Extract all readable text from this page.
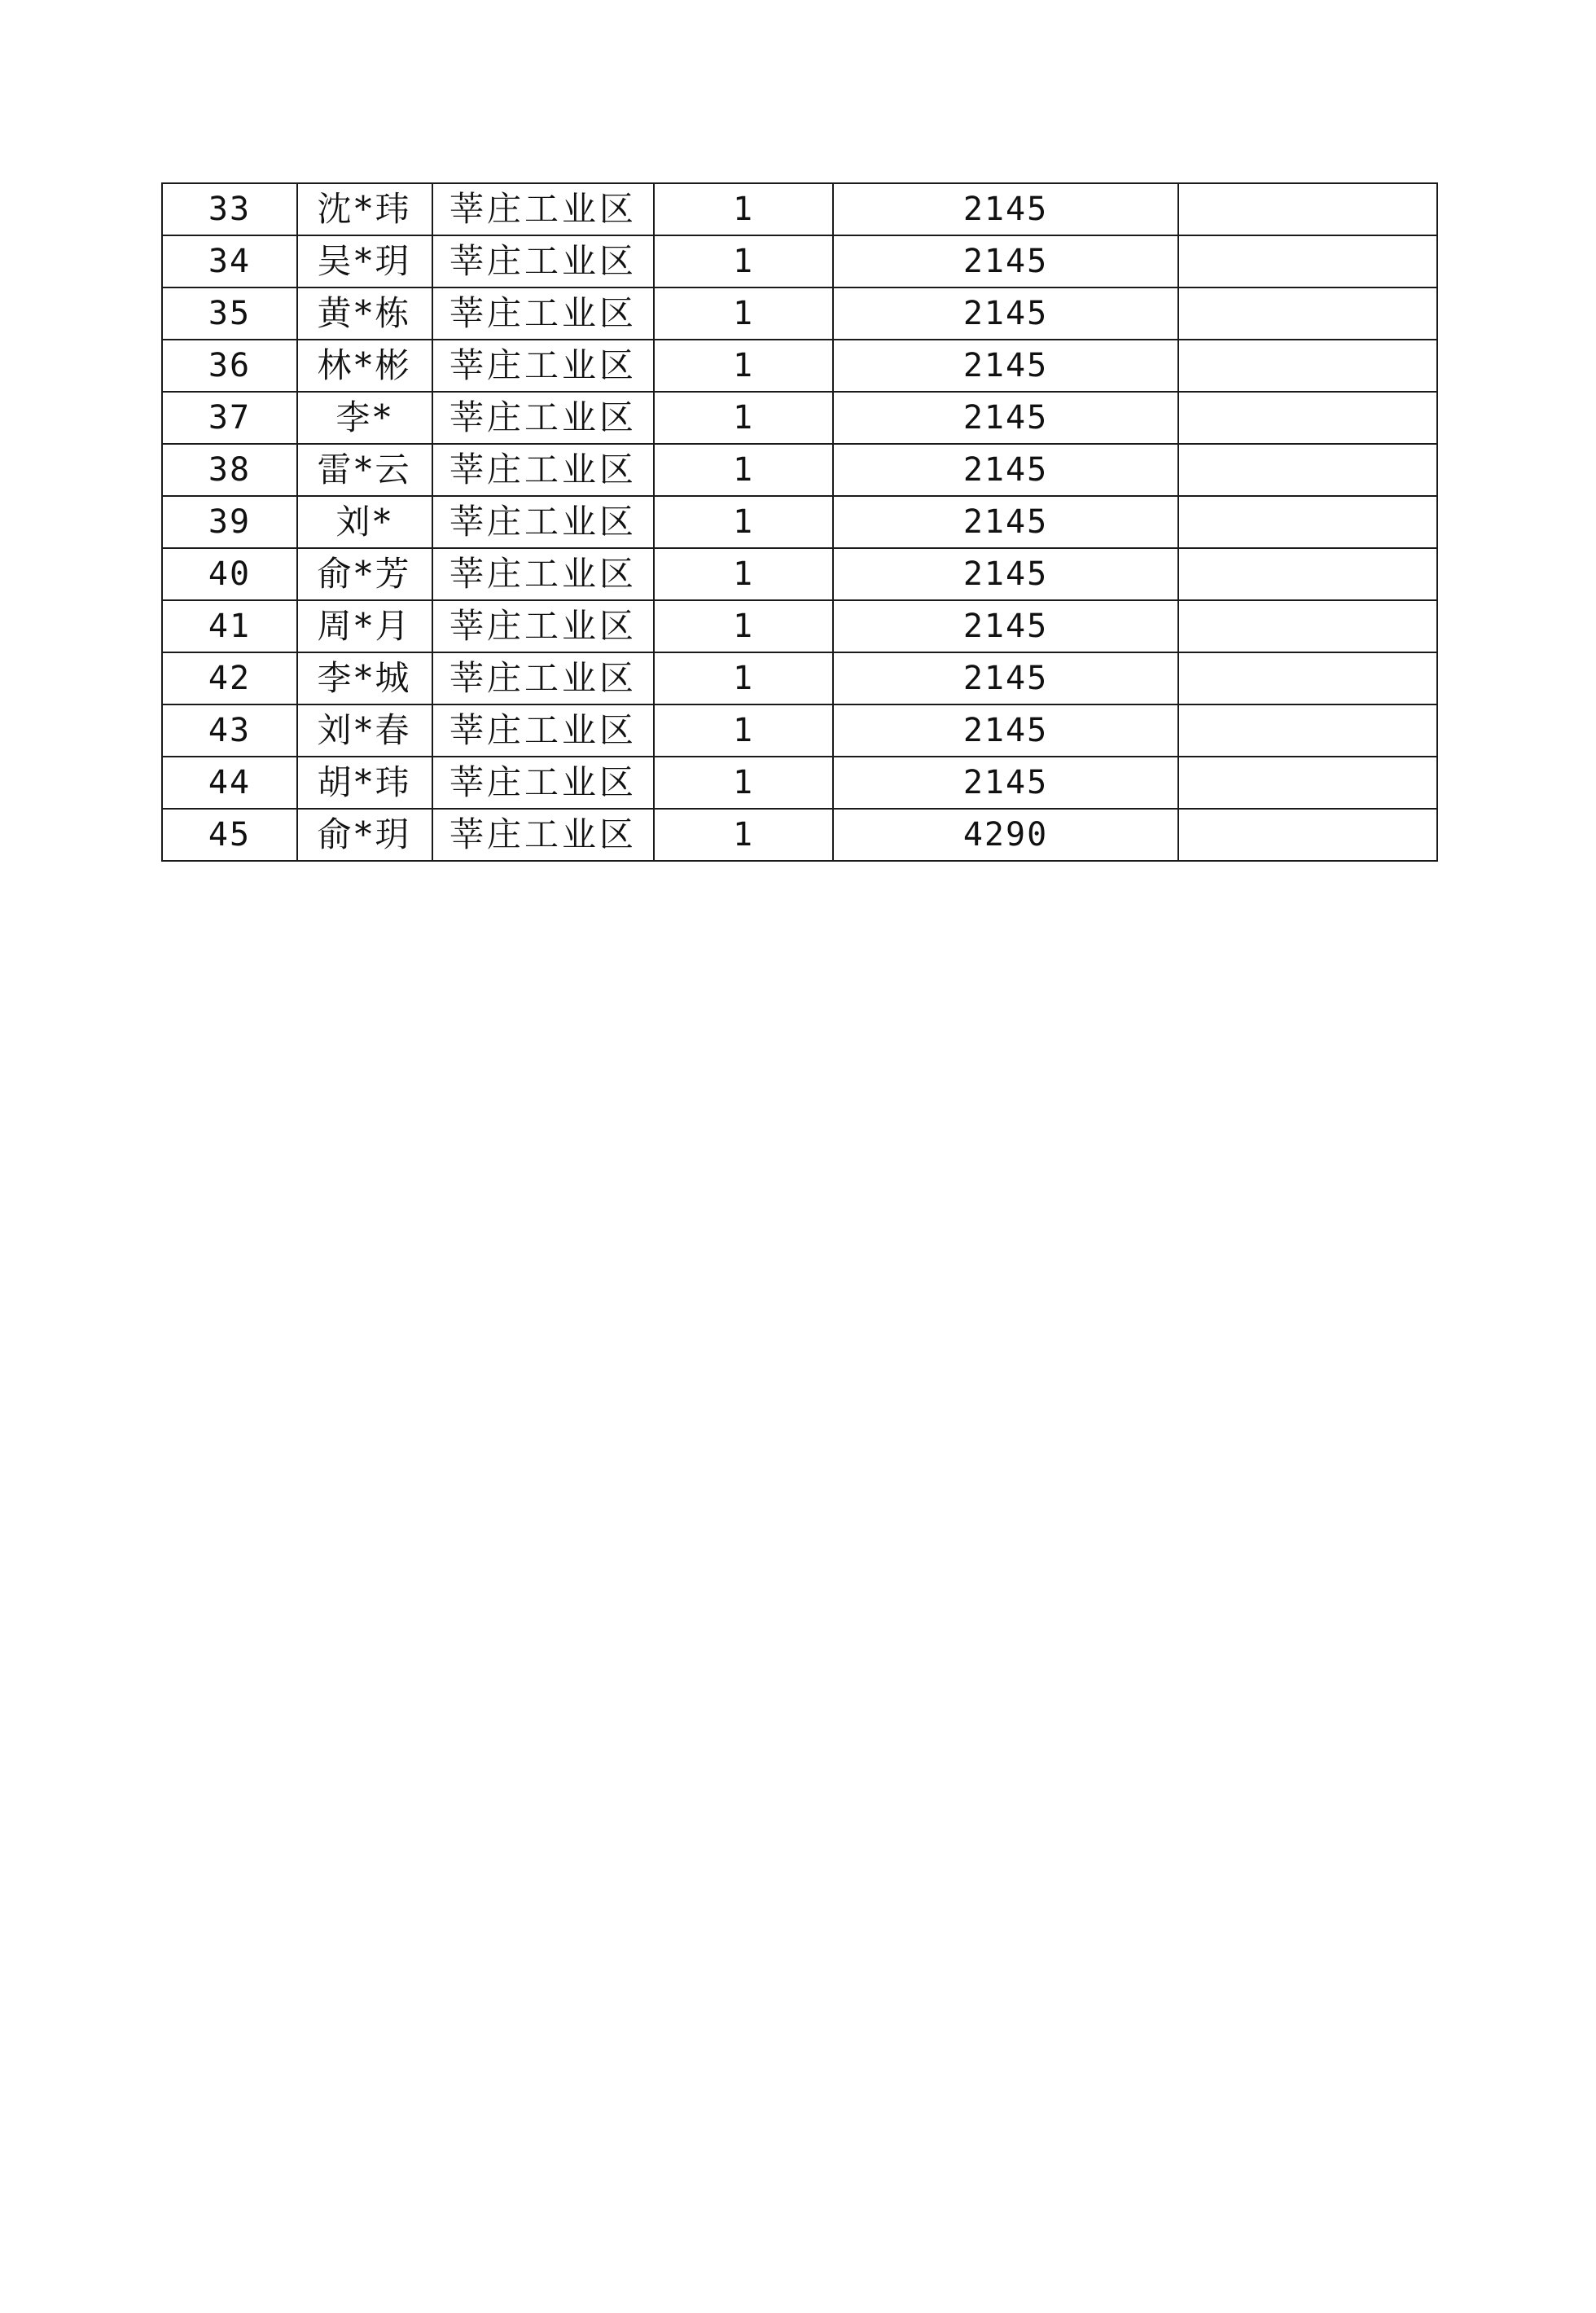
33	沈*玮	莘庄工业区	1	2145	
34	吴*玥	莘庄工业区	1	2145	
35	黄*栋	莘庄工业区	1	2145	
36	林*彬	莘庄工业区	1	2145	
37	李*	莘庄工业区	1	2145	
38	雷*云	莘庄工业区	1	2145	
39	刘*	莘庄工业区	1	2145	
40	俞*芳	莘庄工业区	1	2145	
41	周*月	莘庄工业区	1	2145	
42	李*城	莘庄工业区	1	2145	
43	刘*春	莘庄工业区	1	2145	
44	胡*玮	莘庄工业区	1	2145	
45	俞*玥	莘庄工业区	1	4290	
